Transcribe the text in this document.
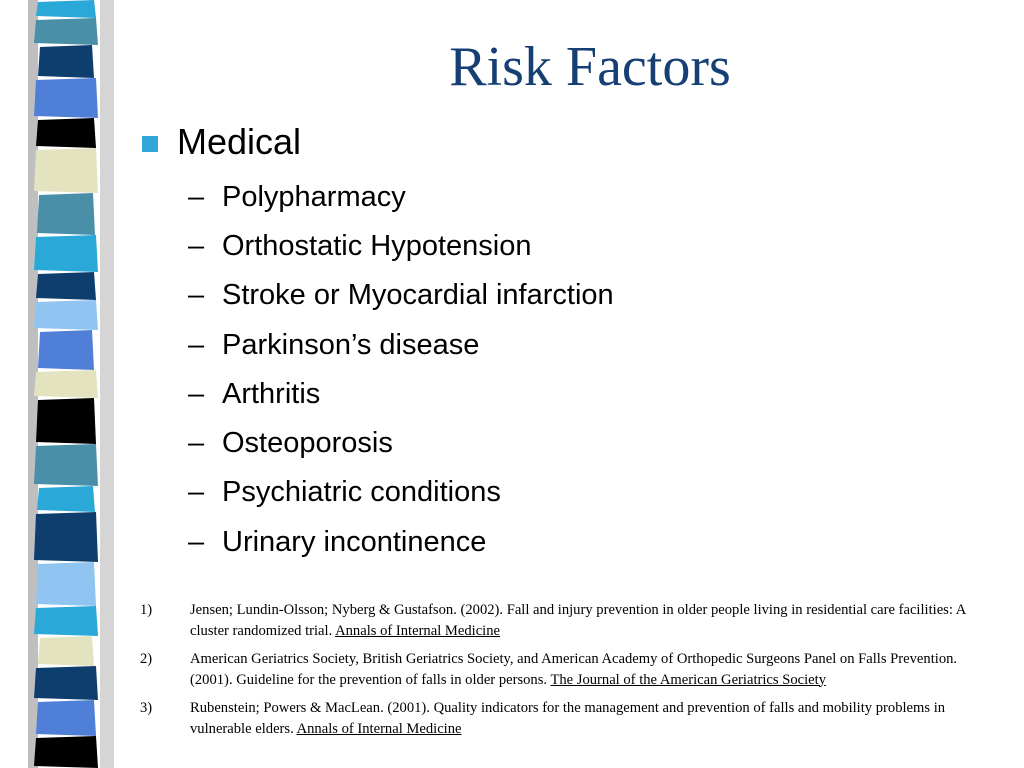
Risk Factors
Medical
– Polypharmacy
– Orthostatic Hypotension
– Stroke or Myocardial infarction
– Parkinson’s disease
– Arthritis
– Osteoporosis
– Psychiatric conditions
– Urinary incontinence
1)	Jensen; Lundin-Olsson; Nyberg & Gustafson. (2002). Fall and injury prevention in older people living in residential care facilities: A cluster randomized trial. Annals of Internal Medicine
2)	American Geriatrics Society, British Geriatrics Society, and American Academy of Orthopedic Surgeons Panel on Falls Prevention. (2001). Guideline for the prevention of falls in older persons. The Journal of the American Geriatrics Society
3)	Rubenstein; Powers & MacLean. (2001). Quality indicators for the management and prevention of falls and mobility problems in vulnerable elders. Annals of Internal Medicine
